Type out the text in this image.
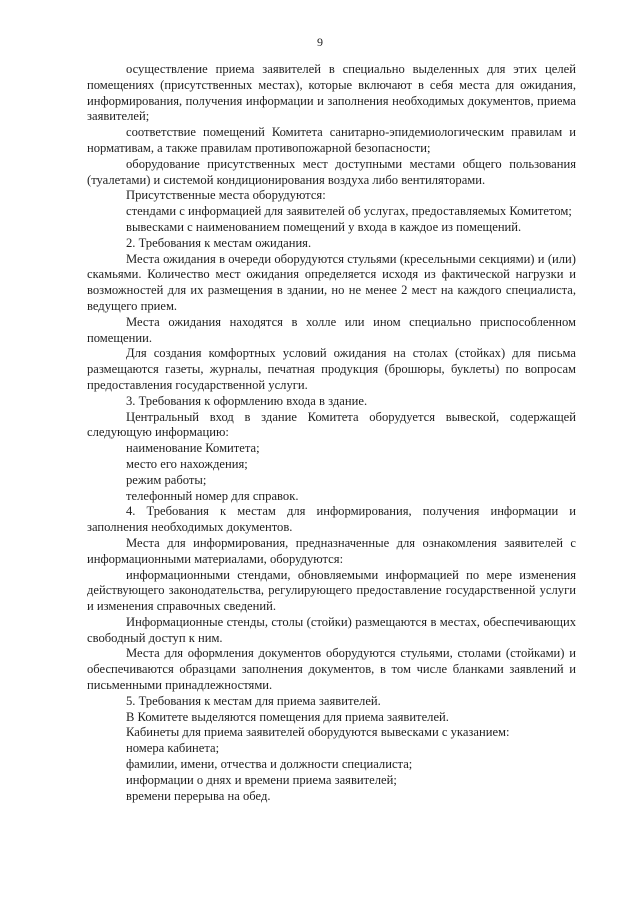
9

осуществление приема заявителей в специально выделенных для этих целей помещениях (присутственных местах), которые включают в себя места для ожидания, информирования, получения информации и заполнения необходимых документов, приема заявителей;

соответствие помещений Комитета санитарно-эпидемиологическим правилам и нормативам, а также правилам противопожарной безопасности;

оборудование присутственных мест доступными местами общего пользования (туалетами) и системой кондиционирования воздуха либо вентиляторами.

Присутственные места оборудуются:

стендами с информацией для заявителей об услугах, предоставляемых Комитетом;

вывесками с наименованием помещений у входа в каждое из помещений.

2. Требования к местам ожидания.

Места ожидания в очереди оборудуются стульями (кресельными секциями) и (или) скамьями. Количество мест ожидания определяется исходя из фактической нагрузки и возможностей для их размещения в здании, но не менее 2 мест на каждого специалиста, ведущего прием.

Места ожидания находятся в холле или ином специально приспособленном помещении.

Для создания комфортных условий ожидания на столах (стойках) для письма размещаются газеты, журналы, печатная продукция (брошюры, буклеты) по вопросам предоставления государственной услуги.

3. Требования к оформлению входа в здание.

Центральный вход в здание Комитета оборудуется вывеской, содержащей следующую информацию:

наименование Комитета;

место его нахождения;

режим работы;

телефонный номер для справок.

4. Требования к местам для информирования, получения информации и заполнения необходимых документов.

Места для информирования, предназначенные для ознакомления заявителей с информационными материалами, оборудуются:

информационными стендами, обновляемыми информацией по мере изменения действующего законодательства, регулирующего предоставление государственной услуги и изменения справочных сведений.

Информационные стенды, столы (стойки) размещаются в местах, обеспечивающих свободный доступ к ним.

Места для оформления документов оборудуются стульями, столами (стойками) и обеспечиваются образцами заполнения документов, в том числе бланками заявлений и письменными принадлежностями.

5. Требования к местам для приема заявителей.

В Комитете выделяются помещения для приема заявителей.

Кабинеты для приема заявителей оборудуются вывесками с указанием:

номера кабинета;

фамилии, имени, отчества и должности специалиста;

информации о днях и времени приема заявителей;

времени перерыва на обед.
